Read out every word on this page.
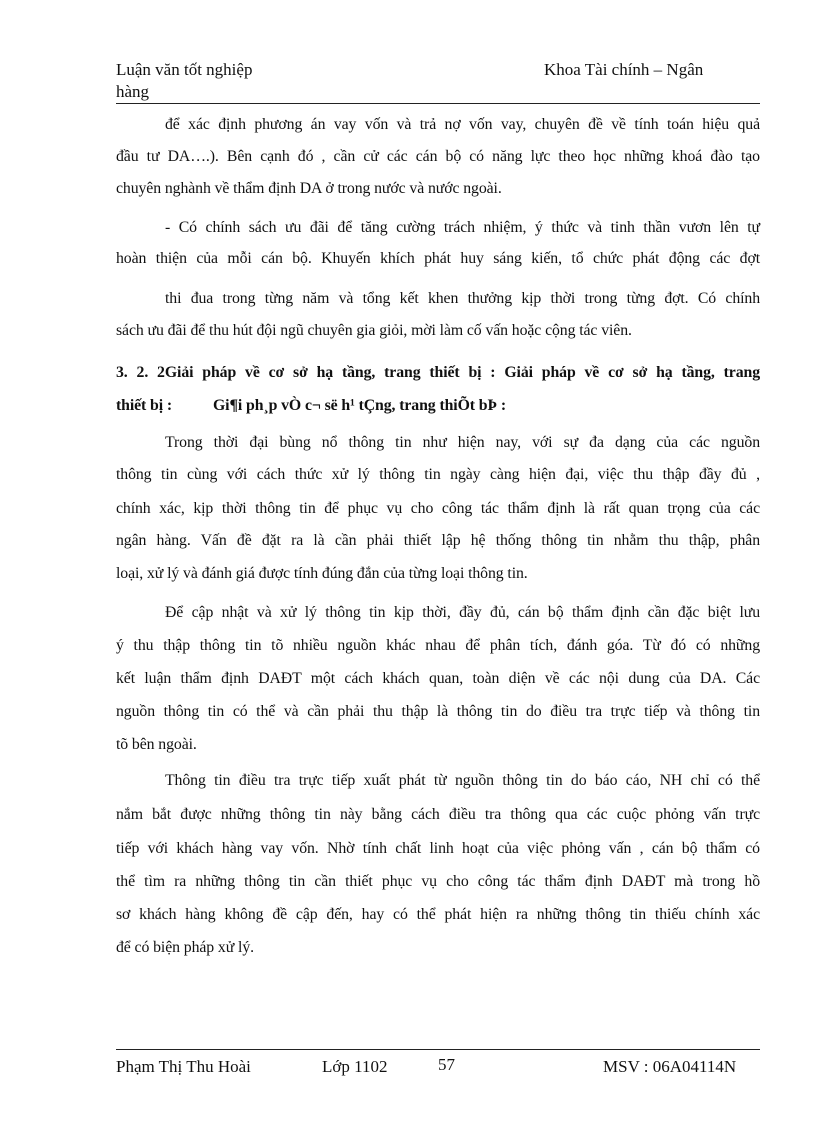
Luận văn tốt nghiệp	Khoa Tài chính – Ngân
hàng
để xác định phương án vay vốn và trả nợ vốn vay, chuyên đề về tính toán hiệu quả
đầu tư DA….). Bên cạnh đó , cần cử các cán bộ có năng lực theo học những khoá đào tạo
chuyên nghành về thẩm định DA ở trong nước và nước ngoài.
- Có chính sách ưu đãi để tăng cường trách nhiệm, ý thức và tinh thần vươn lên tự
hoàn thiện của mỗi cán bộ. Khuyến khích phát huy sáng kiến, tổ chức phát động các đợt
thi đua trong từng năm và tổng kết khen thưởng kịp thời trong từng đợt. Có chính
sách ưu đãi để thu hút đội ngũ chuyên gia giỏi, mời làm cố vấn hoặc cộng tác viên.
3. 2. 2Giải pháp về cơ sở hạ tầng, trang thiết bị : Giải pháp về cơ sở hạ tầng, trang
thiết bị :	Gi¶i ph¸p vÒ c¬ së h¹ tÇng, trang thiÕt bÞ :
Trong thời đại bùng nổ thông tin như hiện nay, với sự đa dạng của các nguồn
thông tin cùng với cách thức xử lý thông tin ngày càng hiện đại, việc thu thập đầy đủ ,
chính xác, kịp thời thông tin để phục vụ cho công tác thẩm định là rất quan trọng của các
ngân hàng. Vấn đề đặt ra là cần phải thiết lập hệ thống thông tin nhằm thu thập, phân
loại, xử lý và đánh giá được tính đúng đắn của từng loại thông tin.
Để cập nhật và xử lý thông tin kịp thời, đầy đủ, cán bộ thẩm định cần đặc biệt lưu
ý thu thập thông tin tõ nhiều nguồn khác nhau để phân tích, đánh góa. Từ đó có những
kết luận thẩm định DAĐT một cách khách quan, toàn diện về các nội dung của DA. Các
nguồn thông tin có thể và cần phải thu thập là thông tin do điều tra trực tiếp và thông tin
tõ bên ngoài.
Thông tin điều tra trực tiếp xuất phát từ nguồn thông tin do báo cáo, NH chỉ có thể
nắm bắt được những thông tin này bằng cách điều tra thông qua các cuộc phỏng vấn trực
tiếp với khách hàng vay vốn. Nhờ tính chất linh hoạt của việc phỏng vấn , cán bộ thẩm có
thể tìm ra những thông tin cần thiết phục vụ cho công tác thẩm định DAĐT mà trong hồ
sơ khách hàng không đề cập đến, hay có thể phát hiện ra những thông tin thiếu chính xác
để có biện pháp xử lý.
Phạm Thị Thu Hoài	Lớp 1102	57	MSV : 06A04114N
